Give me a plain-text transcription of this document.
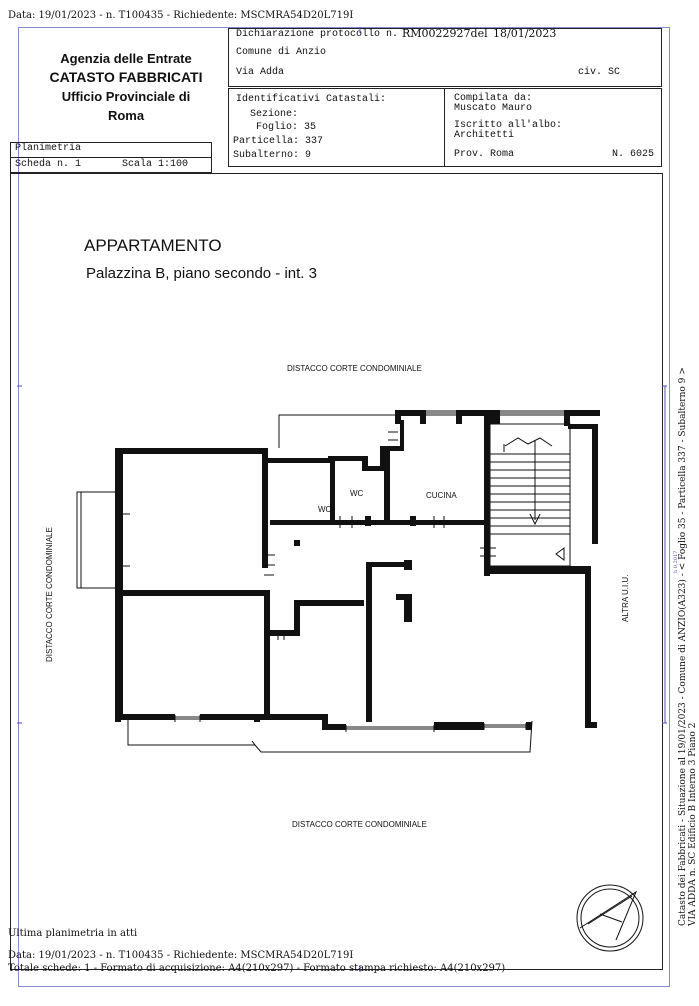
Data: 19/01/2023 - n. T100435 - Richiedente: MSCMRA54D20L719I
Agenzia delle Entrate
CATASTO FABBRICATI
Ufficio Provinciale di
Roma
Dichiarazione protocollo n. RM0022927del 18/01/2023
Comune di Anzio
Via Adda	civ. SC
Identificativi Catastali:
Sezione:
Foglio: 35
Particella: 337
Subalterno: 9
Compilata da:
Muscato Mauro
Iscritto all'albo:
Architetti
Prov. Roma	N. 6025
Planimetria
Scheda n. 1	Scala 1:100
APPARTAMENTO
Palazzina B, piano secondo - int. 3
DISTACCO CORTE CONDOMINIALE
DISTACCO CORTE CONDOMINIALE
DISTACCO CORTE CONDOMINIALE	ALTRA U.I.U.
WC
WC	CUCINA	Catasto dei Fabbricati - Situazione al 19/01/2023 - Comune di ANZIO(A323) - < Foglio 35 - Particella 337 - Subalterno 9 > VIA ADDA n. SC Edificio B Interno 3 Piano 2
h 0,2017
Ultima planimetria in atti
Data: 19/01/2023 - n. T100435 - Richiedente: MSCMRA54D20L719I
Totale schede: 1 - Formato di acquisizione: A4(210x297) - Formato stampa richiesto: A4(210x297)
